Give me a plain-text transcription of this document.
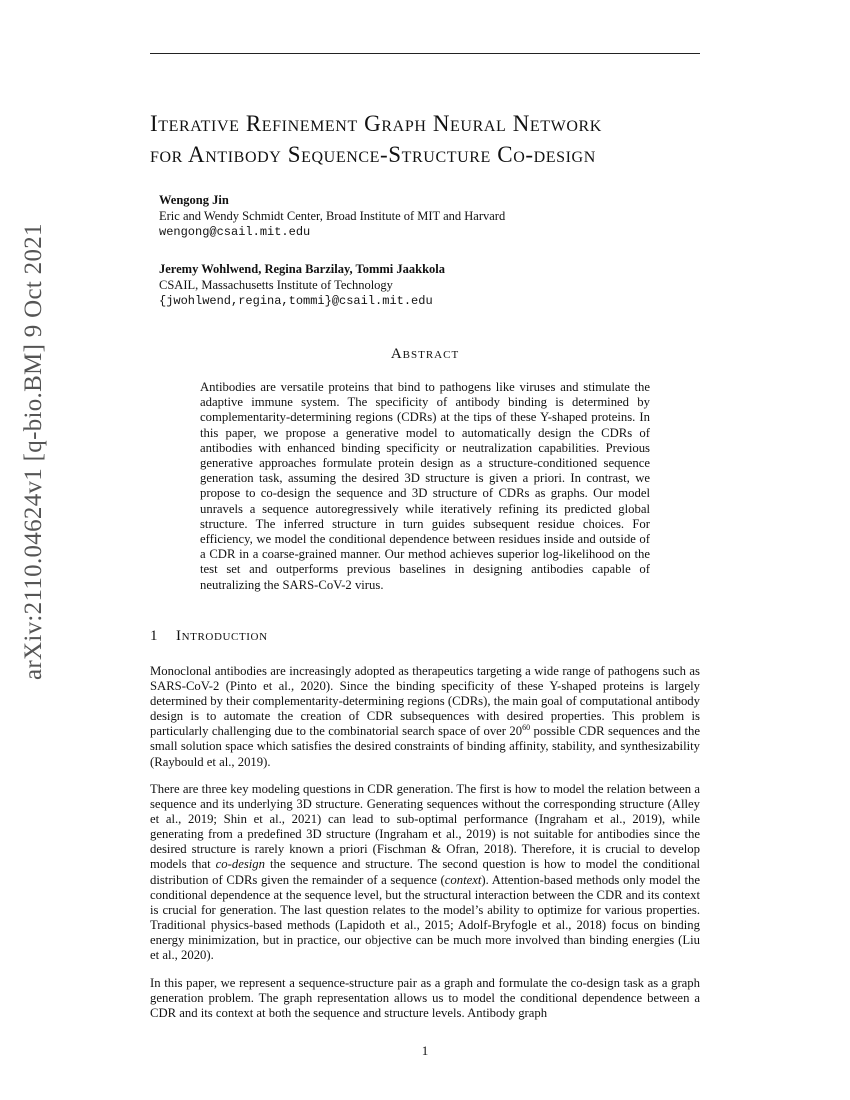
arXiv:2110.04624v1 [q-bio.BM] 9 Oct 2021
Iterative Refinement Graph Neural Network
for Antibody Sequence-Structure Co-design
Wengong Jin
Eric and Wendy Schmidt Center, Broad Institute of MIT and Harvard
wengong@csail.mit.edu
Jeremy Wohlwend, Regina Barzilay, Tommi Jaakkola
CSAIL, Massachusetts Institute of Technology
{jwohlwend,regina,tommi}@csail.mit.edu
Abstract

Antibodies are versatile proteins that bind to pathogens like viruses and stimulate the adaptive immune system. The specificity of antibody binding is determined by complementarity-determining regions (CDRs) at the tips of these Y-shaped proteins. In this paper, we propose a generative model to automatically design the CDRs of antibodies with enhanced binding specificity or neutralization capabilities. Previous generative approaches formulate protein design as a structure-conditioned sequence generation task, assuming the desired 3D structure is given a priori. In contrast, we propose to co-design the sequence and 3D structure of CDRs as graphs. Our model unravels a sequence autoregressively while iteratively refining its predicted global structure. The inferred structure in turn guides subsequent residue choices. For efficiency, we model the conditional dependence between residues inside and outside of a CDR in a coarse-grained manner. Our method achieves superior log-likelihood on the test set and outperforms previous baselines in designing antibodies capable of neutralizing the SARS-CoV-2 virus.

1 Introduction

Monoclonal antibodies are increasingly adopted as therapeutics targeting a wide range of pathogens such as SARS-CoV-2 (Pinto et al., 2020). Since the binding specificity of these Y-shaped proteins is largely determined by their complementarity-determining regions (CDRs), the main goal of computational antibody design is to automate the creation of CDR subsequences with desired properties. This problem is particularly challenging due to the combinatorial search space of over $20^{60}$ possible CDR sequences and the small solution space which satisfies the desired constraints of binding affinity, stability, and synthesizability (Raybould et al., 2019).

There are three key modeling questions in CDR generation. The first is how to model the relation between a sequence and its underlying 3D structure. Generating sequences without the corresponding structure (Alley et al., 2019; Shin et al., 2021) can lead to sub-optimal performance (Ingraham et al., 2019), while generating from a predefined 3D structure (Ingraham et al., 2019) is not suitable for antibodies since the desired structure is rarely known a priori (Fischman & Ofran, 2018). Therefore, it is crucial to develop models that co-design the sequence and structure. The second question is how to model the conditional distribution of CDRs given the remainder of a sequence (context). Attention-based methods only model the conditional dependence at the sequence level, but the structural interaction between the CDR and its context is crucial for generation. The last question relates to the model’s ability to optimize for various properties. Traditional physics-based methods (Lapidoth et al., 2015; Adolf-Bryfogle et al., 2018) focus on binding energy minimization, but in practice, our objective can be much more involved than binding energies (Liu et al., 2020).

In this paper, we represent a sequence-structure pair as a graph and formulate the co-design task as a graph generation problem. The graph representation allows us to model the conditional dependence between a CDR and its context at both the sequence and structure levels. Antibody graph

1
